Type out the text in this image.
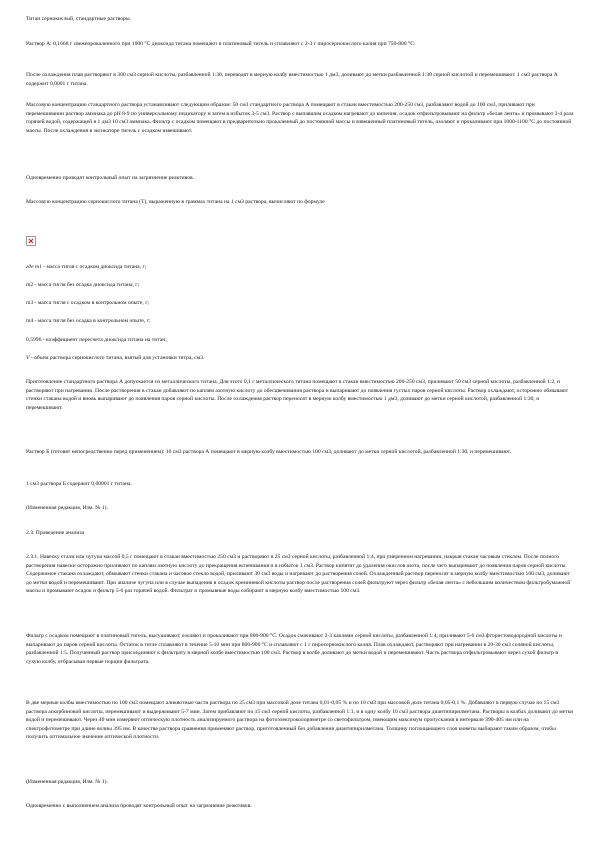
Титан сернокислый, стандартные растворы.

Раствор А: 0,1668 г свежепрокаленного при 1000 °С диоксида титана помещают в платиновый тигель и сплавляют с 2-3 г пиросернокислого калия при 750-800 °С.

После охлаждения плав растворяют в 300 см3 серной кислоты, разбавленной 1:30, переводят в мерную колбу вместимостью 1 дм3, доливают до метки разбавленной 1:30 серной кислотой и перемешивают. 1 см3 раствора А содержит 0,0001 г титана.

Массовую концентрацию стандартного раствора устанавливают следующим образом: 50 см3 стандартного раствора А помещают в стакан вместимостью 200-250 см3, разбавляют водой до 100 см3, приливают при перемешивании раствор аммиака до рН 8-9 по универсальному индикатору и затем в избыток 3-5 см3. Раствор с выпавшим осадком нагревают до кипения, осадок отфильтровывают на фильтр «белая лента» и промывают 3-4 раза горячей водой, содержащей в 1 дм3 10 см3 аммиака. Фильтр с осадком помещают в предварительно прокаленный до постоянной массы и взвешенный платиновый тигель, озоляют и прокаливают при 1000-1100 °С до постоянной массы. После охлаждения в эксикаторе тигель с осадком взвешивают.

Одновременно проводят контрольный опыт на загрязнение реактивов.

Массовую концентрацию сернокислого титана (Т), выраженную в граммах титана на 1 см3 раствора, вычисляют по формуле

где m1 - масса тигля с осадком диоксида титана, г;

m2 - масса тигля без осадка диоксида титана, г;

m3 - масса тигля с осадком в контрольном опыте, г;

m4 - масса тигля без осадка в контрольном опыте, г;

0,5996 - коэффициент пересчета диоксида титана на титан;

V - объем раствора сернокислого титана, взятый для установки титра, см3.

Приготовление стандартного раствора А допускается из металлического титана. Для этого 0,1 г металлического титана помещают в стакан вместимостью 200-250 см3, приливают 50 см3 серной кислоты, разбавленной 1:2, и растворяют при нагревании. После растворения в стакан добавляют по каплям азотную кислоту до обесцвечивания раствора и выпаривают до появления густых паров серной кислоты. Раствор охлаждают, осторожно обмывают стенки стакана водой и вновь выпаривают до появления паров серной кислоты. После охлаждения раствор переносят в мерную колбу вместимостью 1 дм3, доливают до метки серной кислотой, разбавленной 1:30, и перемешивают.

Раствор Б (готовят непосредственно перед применением): 10 см3 раствора А помещают в мерную колбу вместимостью 100 см3, доливают до метки серной кислотой, разбавленной 1:30, и перемешивают.

1 см3 раствора Б содержит 0,00001 г титана.

(Измененная редакция, Изм. № 1).

2.3. Проведение анализа

2.3.1. Навеску стали или чугуна массой 0,5 г помещают в стакан вместимостью 250 см3 и растворяют в 25 см3 серной кислоты, разбавленной 1:4, при умеренном нагревании, накрыв стакан часовым стеклом. После полного растворения навески осторожно приливают по каплям азотную кислоту до прекращения вспенивания и в избыток 1 см3. Раствор кипятят до удаления окислов азота, после чего выпаривают до появления паров серной кислоты. Содержимое стакана охлаждают, обмывают стенки стакана и часовое стекло водой, приливают 30 см3 воды и нагревают до растворения солей. Охлажденный раствор переносят в мерную колбу вместимостью 100 см3, доливают до метки водой и перемешивают. При анализе чугуна или в случае выпадения в осадок кремниевой кислоты раствор после растворения солей фильтруют через фильтр «белая лента» с небольшим количеством фильтробумажной массы и промывают осадок и фильтр 5-6 раз горячей водой. Фильтрат и промывные воды собирают в мерную колбу вместимостью 100 см3.

Фильтр с осадком помещают в платиновый тигель, высушивают, озоляют и прокаливают при 800-900 °С. Осадок смачивают 2-3 каплями серной кислоты, разбавленной 1:4, приливают 5-6 см3 фтористоводородной кислоты и выпаривают до паров серной кислоты. Остаток в тигле сплавляют в течение 5-10 мин при 800-900 °С и сплавляют с 1 г пиросернокислого калия. Плав охлаждают, растворяют при нагревании в 20-30 см3 соляной кислоты, разбавленной 1:5. Полученный раствор присоединяют к фильтрату в мерной колбе вместимостью 100 см3. Раствор в колбе доливают до метки водой и перемешивают. Часть раствора отфильтровывают через сухой фильтр в сухую колбу, отбрасывая первые порции фильтрата.

В две мерные колбы вместимостью по 100 см3 помещают аликвотные части раствора по 25 см3 при массовой доле титана 0,01-0,05 % и по 10 см3 при массовой доле титана 0,05-0,1 %. Добавляют в первую случае по 15 см3 раствора аскорбиновой кислоты, перемешивают и выдерживают 5-7 мин. Затем прибавляют по 15 см3 серной кислоты, разбавленной 1:1, и в одну колбу 10 см3 раствора диантипирилметана. Растворы в колбах доливают до метки водой и перемешивают. Через 40 мин измеряют оптическую плотность анализируемого раствора на фотоэлектроколориметре со светофильтром, имеющим максимум пропускания в интервале 390-405 нм или на спектрофотометре при длине волны 395 нм. В качестве раствора сравнения применяют раствор, приготовленный без добавления диантипирилметана. Толщину поглощающего слоя кюветы выбирают таким образом, чтобы получить оптимальное значение оптической плотности.

(Измененная редакция, Изм. № 1).

Одновременно с выполнением анализа проводят контрольный опыт на загрязнение реактивов.
